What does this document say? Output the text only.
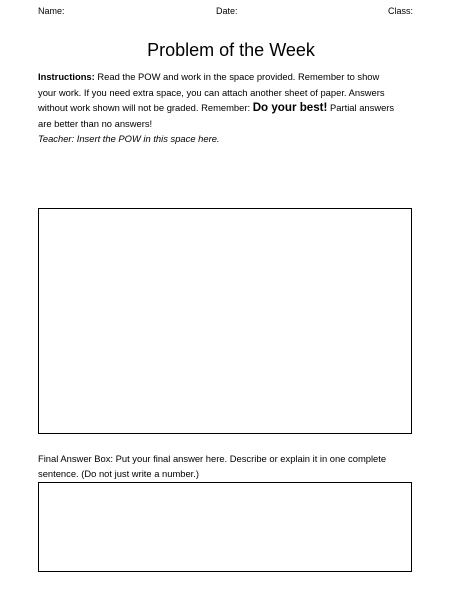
Name:	Date:	Class:
Problem of the Week
Instructions: Read the POW and work in the space provided. Remember to show your work. If you need extra space, you can attach another sheet of paper. Answers without work shown will not be graded. Remember: Do your best! Partial answers are better than no answers!
Teacher: Insert the POW in this space here.
Final Answer Box: Put your final answer here. Describe or explain it in one complete sentence. (Do not just write a number.)
